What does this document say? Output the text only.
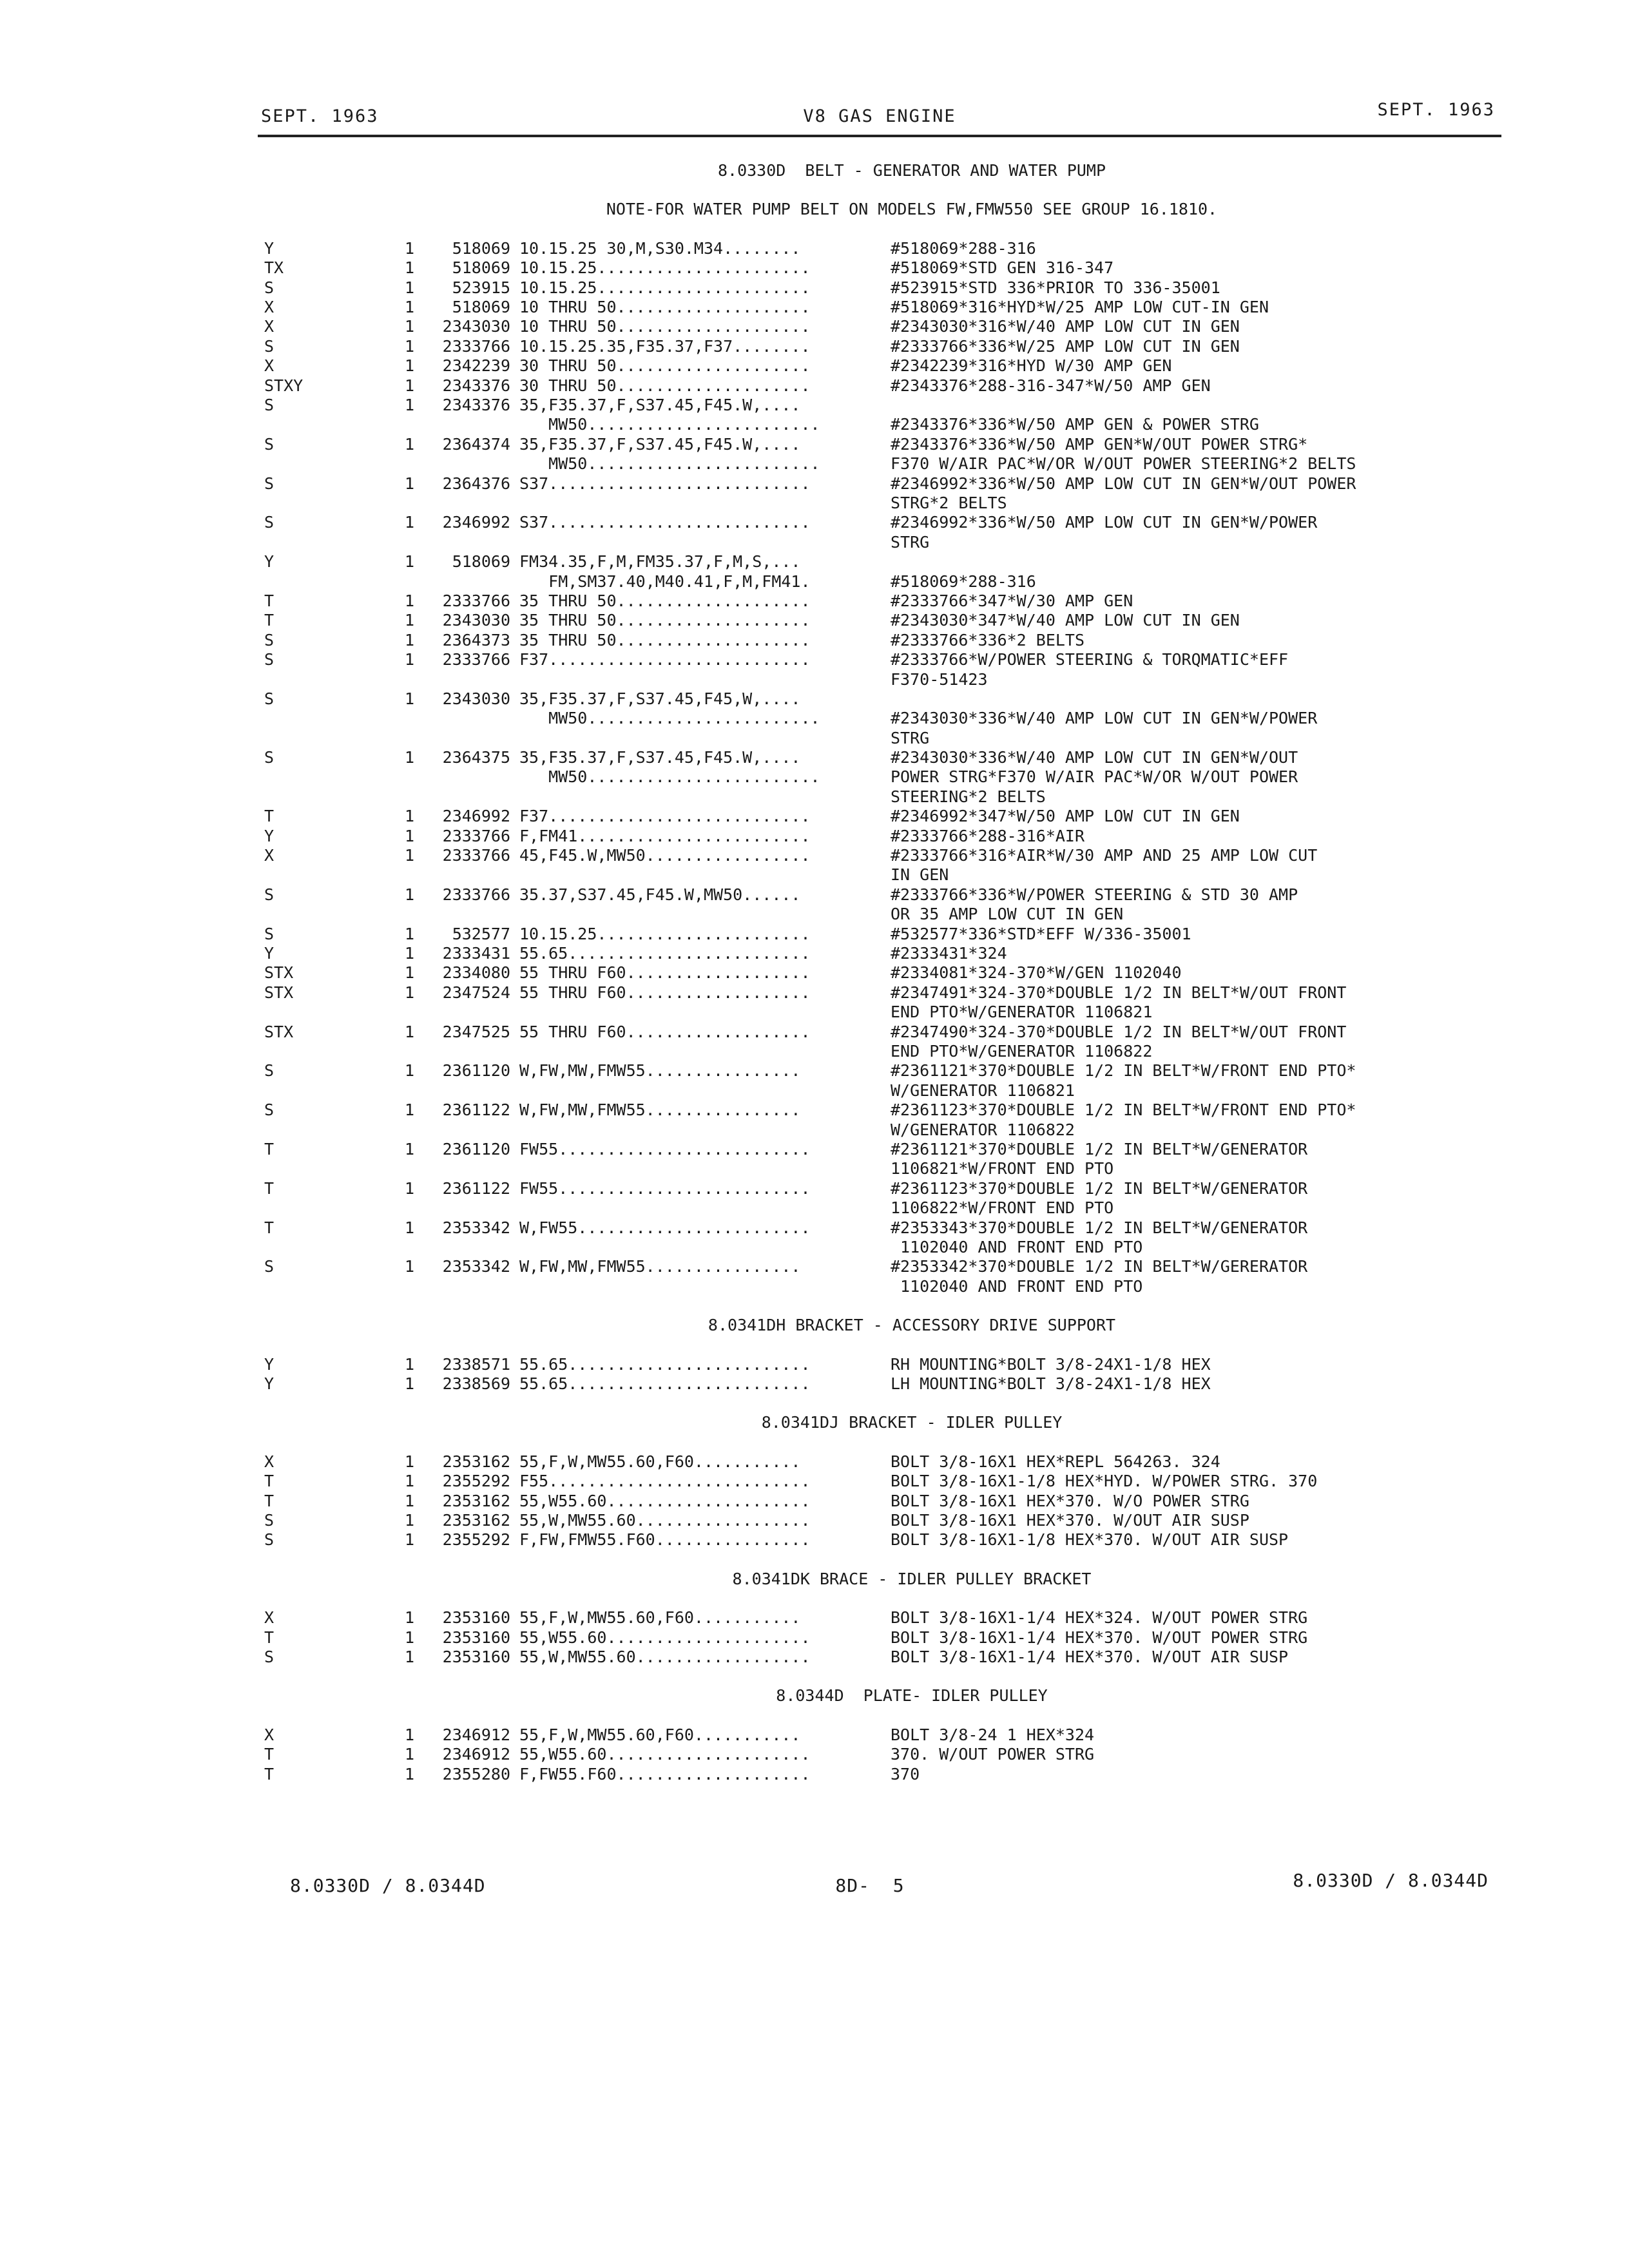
SEPT. 1963	V8 GAS ENGINE	SEPT. 1963
8.0330D  BELT - GENERATOR AND WATER PUMP
NOTE-FOR WATER PUMP BELT ON MODELS FW,FMW550 SEE GROUP 16.1810.
Y	1	518069 10.15.25 30,M,S30.M34........	#518069*288-316
TX	1	518069 10.15.25......................	#518069*STD GEN 316-347
S	1	523915 10.15.25......................	#523915*STD 336*PRIOR TO 336-35001
X	1	518069 10 THRU 50....................	#518069*316*HYD*W/25 AMP LOW CUT-IN GEN
X	1	2343030 10 THRU 50....................	#2343030*316*W/40 AMP LOW CUT IN GEN
S	1	2333766 10.15.25.35,F35.37,F37........	#2333766*336*W/25 AMP LOW CUT IN GEN
X	1	2342239 30 THRU 50....................	#2342239*316*HYD W/30 AMP GEN
STXY	1	2343376 30 THRU 50....................	#2343376*288-316-347*W/50 AMP GEN
S	1	2343376 35,F35.37,F,S37.45,F45.W,....
MW50........................
	#2343376*336*W/50 AMP GEN & POWER STRG
S	1	2364374 35,F35.37,F,S37.45,F45.W,....
MW50........................
#2343376*336*W/50 AMP GEN*W/OUT POWER STRG*
F370 W/AIR PAC*W/OR W/OUT POWER STEERING*2 BELTS
S	1	2364376 S37...........................	#2346992*336*W/50 AMP LOW CUT IN GEN*W/OUT POWER
STRG*2 BELTS
S	1	2346992 S37...........................	#2346992*336*W/50 AMP LOW CUT IN GEN*W/POWER
STRG
Y	1	518069 FM34.35,F,M,FM35.37,F,M,S,...
FM,SM37.40,M40.41,F,M,FM41.
	#518069*288-316
T	1	2333766 35 THRU 50....................	#2333766*347*W/30 AMP GEN
T	1	2343030 35 THRU 50....................	#2343030*347*W/40 AMP LOW CUT IN GEN
S	1	2364373 35 THRU 50....................	#2333766*336*2 BELTS
S	1	2333766 F37...........................	#2333766*W/POWER STEERING & TORQMATIC*EFF
F370-51423
S	1	2343030 35,F35.37,F,S37.45,F45,W,....
MW50........................
	#2343030*336*W/40 AMP LOW CUT IN GEN*W/POWER
STRG
S	1	2364375 35,F35.37,F,S37.45,F45.W,....
MW50........................
#2343030*336*W/40 AMP LOW CUT IN GEN*W/OUT
POWER STRG*F370 W/AIR PAC*W/OR W/OUT POWER
STEERING*2 BELTS
T	1	2346992 F37...........................	#2346992*347*W/50 AMP LOW CUT IN GEN
Y	1	2333766 F,FM41........................	#2333766*288-316*AIR
X	1	2333766 45,F45.W,MW50.................	#2333766*316*AIR*W/30 AMP AND 25 AMP LOW CUT
IN GEN
S	1	2333766 35.37,S37.45,F45.W,MW50......	#2333766*336*W/POWER STEERING & STD 30 AMP
OR 35 AMP LOW CUT IN GEN
S	1	532577 10.15.25......................	#532577*336*STD*EFF W/336-35001
Y	1	2333431 55.65.........................	#2333431*324
STX	1	2334080 55 THRU F60...................	#2334081*324-370*W/GEN 1102040
STX	1	2347524 55 THRU F60...................	#2347491*324-370*DOUBLE 1/2 IN BELT*W/OUT FRONT
END PTO*W/GENERATOR 1106821
STX	1	2347525 55 THRU F60...................	#2347490*324-370*DOUBLE 1/2 IN BELT*W/OUT FRONT
END PTO*W/GENERATOR 1106822
S	1	2361120 W,FW,MW,FMW55................	#2361121*370*DOUBLE 1/2 IN BELT*W/FRONT END PTO*
W/GENERATOR 1106821
S	1	2361122 W,FW,MW,FMW55................	#2361123*370*DOUBLE 1/2 IN BELT*W/FRONT END PTO*
W/GENERATOR 1106822
T	1	2361120 FW55..........................	#2361121*370*DOUBLE 1/2 IN BELT*W/GENERATOR
1106821*W/FRONT END PTO
T	1	2361122 FW55..........................	#2361123*370*DOUBLE 1/2 IN BELT*W/GENERATOR
1106822*W/FRONT END PTO
T	1	2353342 W,FW55........................	#2353343*370*DOUBLE 1/2 IN BELT*W/GENERATOR
1102040 AND FRONT END PTO
S	1	2353342 W,FW,MW,FMW55................	#2353342*370*DOUBLE 1/2 IN BELT*W/GERERATOR
1102040 AND FRONT END PTO
8.0341DH BRACKET - ACCESSORY DRIVE SUPPORT
Y	1	2338571 55.65.........................	RH MOUNTING*BOLT 3/8-24X1-1/8 HEX
Y	1	2338569 55.65.........................	LH MOUNTING*BOLT 3/8-24X1-1/8 HEX
8.0341DJ BRACKET - IDLER PULLEY
X	1	2353162 55,F,W,MW55.60,F60...........	BOLT 3/8-16X1 HEX*REPL 564263. 324
T	1	2355292 F55...........................	BOLT 3/8-16X1-1/8 HEX*HYD. W/POWER STRG. 370
T	1	2353162 55,W55.60.....................	BOLT 3/8-16X1 HEX*370. W/O POWER STRG
S	1	2353162 55,W,MW55.60..................	BOLT 3/8-16X1 HEX*370. W/OUT AIR SUSP
S	1	2355292 F,FW,FMW55.F60................	BOLT 3/8-16X1-1/8 HEX*370. W/OUT AIR SUSP
8.0341DK BRACE - IDLER PULLEY BRACKET
X	1	2353160 55,F,W,MW55.60,F60...........	BOLT 3/8-16X1-1/4 HEX*324. W/OUT POWER STRG
T	1	2353160 55,W55.60.....................	BOLT 3/8-16X1-1/4 HEX*370. W/OUT POWER STRG
S	1	2353160 55,W,MW55.60..................	BOLT 3/8-16X1-1/4 HEX*370. W/OUT AIR SUSP
8.0344D  PLATE- IDLER PULLEY
X	1	2346912 55,F,W,MW55.60,F60...........	BOLT 3/8-24 1 HEX*324
T	1	2346912 55,W55.60.....................	370. W/OUT POWER STRG
T	1	2355280 F,FW55.F60....................	370
8.0330D / 8.0344D	8D-  5	8.0330D / 8.0344D
